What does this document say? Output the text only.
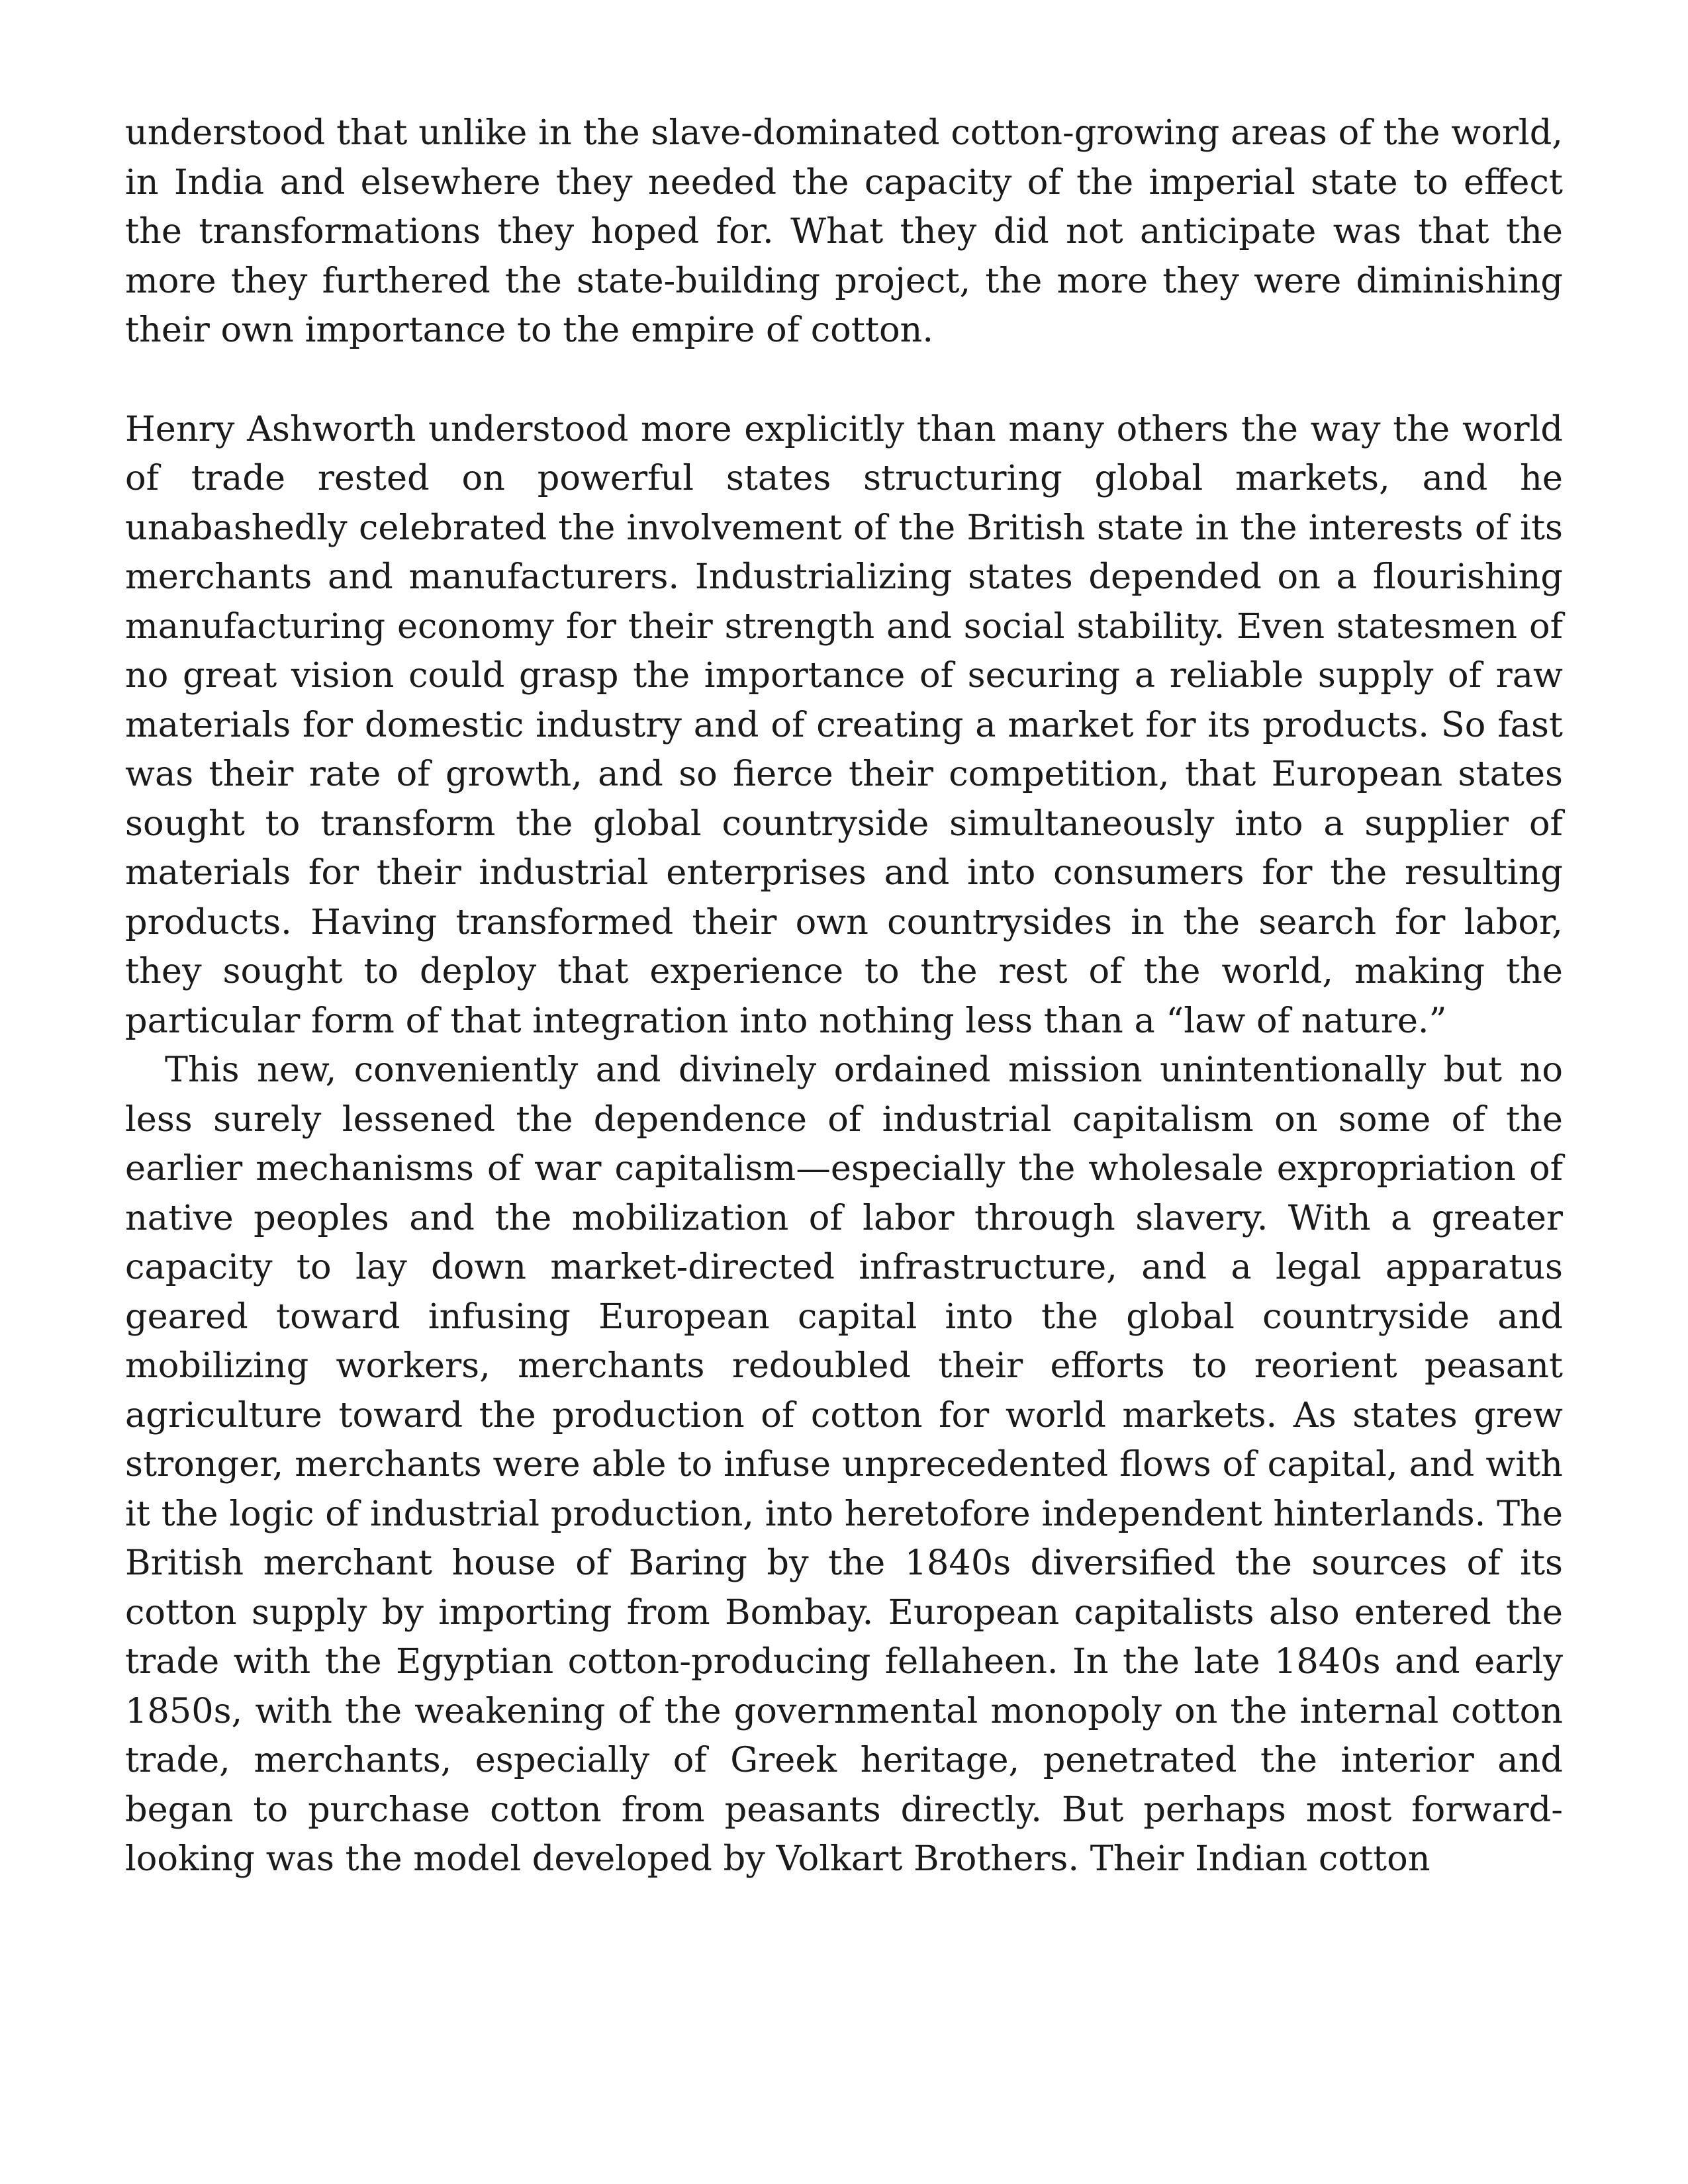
understood that unlike in the slave-dominated cotton-growing areas of the world, in India and elsewhere they needed the capacity of the imperial state to effect the transformations they hoped for. What they did not anticipate was that the more they furthered the state-building project, the more they were diminishing their own importance to the empire of cotton.

Henry Ashworth understood more explicitly than many others the way the world of trade rested on powerful states structuring global markets, and he unabashedly celebrated the involvement of the British state in the interests of its merchants and manufacturers. Industrializing states depended on a flourishing manufacturing economy for their strength and social stability. Even statesmen of no great vision could grasp the importance of securing a reliable supply of raw materials for domestic industry and of creating a market for its products. So fast was their rate of growth, and so fierce their competition, that European states sought to transform the global countryside simultaneously into a supplier of materials for their industrial enterprises and into consumers for the resulting products. Having transformed their own countrysides in the search for labor, they sought to deploy that experience to the rest of the world, making the particular form of that integration into nothing less than a “law of nature.”

This new, conveniently and divinely ordained mission unintentionally but no less surely lessened the dependence of industrial capitalism on some of the earlier mechanisms of war capitalism—especially the wholesale expropriation of native peoples and the mobilization of labor through slavery. With a greater capacity to lay down market-directed infrastructure, and a legal apparatus geared toward infusing European capital into the global countryside and mobilizing workers, merchants redoubled their efforts to reorient peasant agriculture toward the production of cotton for world markets. As states grew stronger, merchants were able to infuse unprecedented flows of capital, and with it the logic of industrial production, into heretofore independent hinterlands. The British merchant house of Baring by the 1840s diversified the sources of its cotton supply by importing from Bombay. European capitalists also entered the trade with the Egyptian cotton-producing fellaheen. In the late 1840s and early 1850s, with the weakening of the governmental monopoly on the internal cotton trade, merchants, especially of Greek heritage, penetrated the interior and began to purchase cotton from peasants directly. But perhaps most forward-looking was the model developed by Volkart Brothers. Their Indian cotton
